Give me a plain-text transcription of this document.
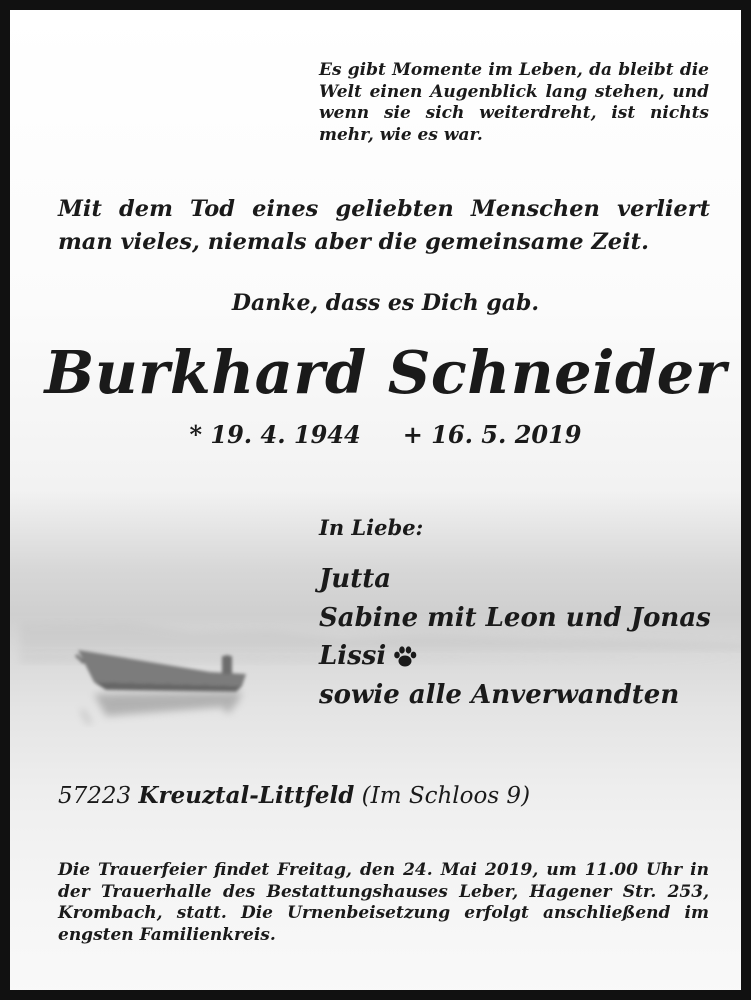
Es gibt Momente im Leben, da bleibt die Welt einen Augenblick lang stehen, und wenn sie sich weiterdreht, ist nichts mehr, wie es war.

Mit dem Tod eines geliebten Menschen verliert man vieles, niemals aber die gemeinsame Zeit.

Danke, dass es Dich gab.

Burkhard Schneider

* 19. 4. 1944 + 16. 5. 2019

In Liebe:

Jutta
Sabine mit Leon und Jonas
Lissi
sowie alle Anverwandten

57223 Kreuztal-Littfeld (Im Schloos 9)

Die Trauerfeier findet Freitag, den 24. Mai 2019, um 11.00 Uhr in der Trauerhalle des Bestattungshauses Leber, Hagener Str. 253, Krombach, statt. Die Urnenbeisetzung erfolgt anschließend im engsten Familienkreis.
